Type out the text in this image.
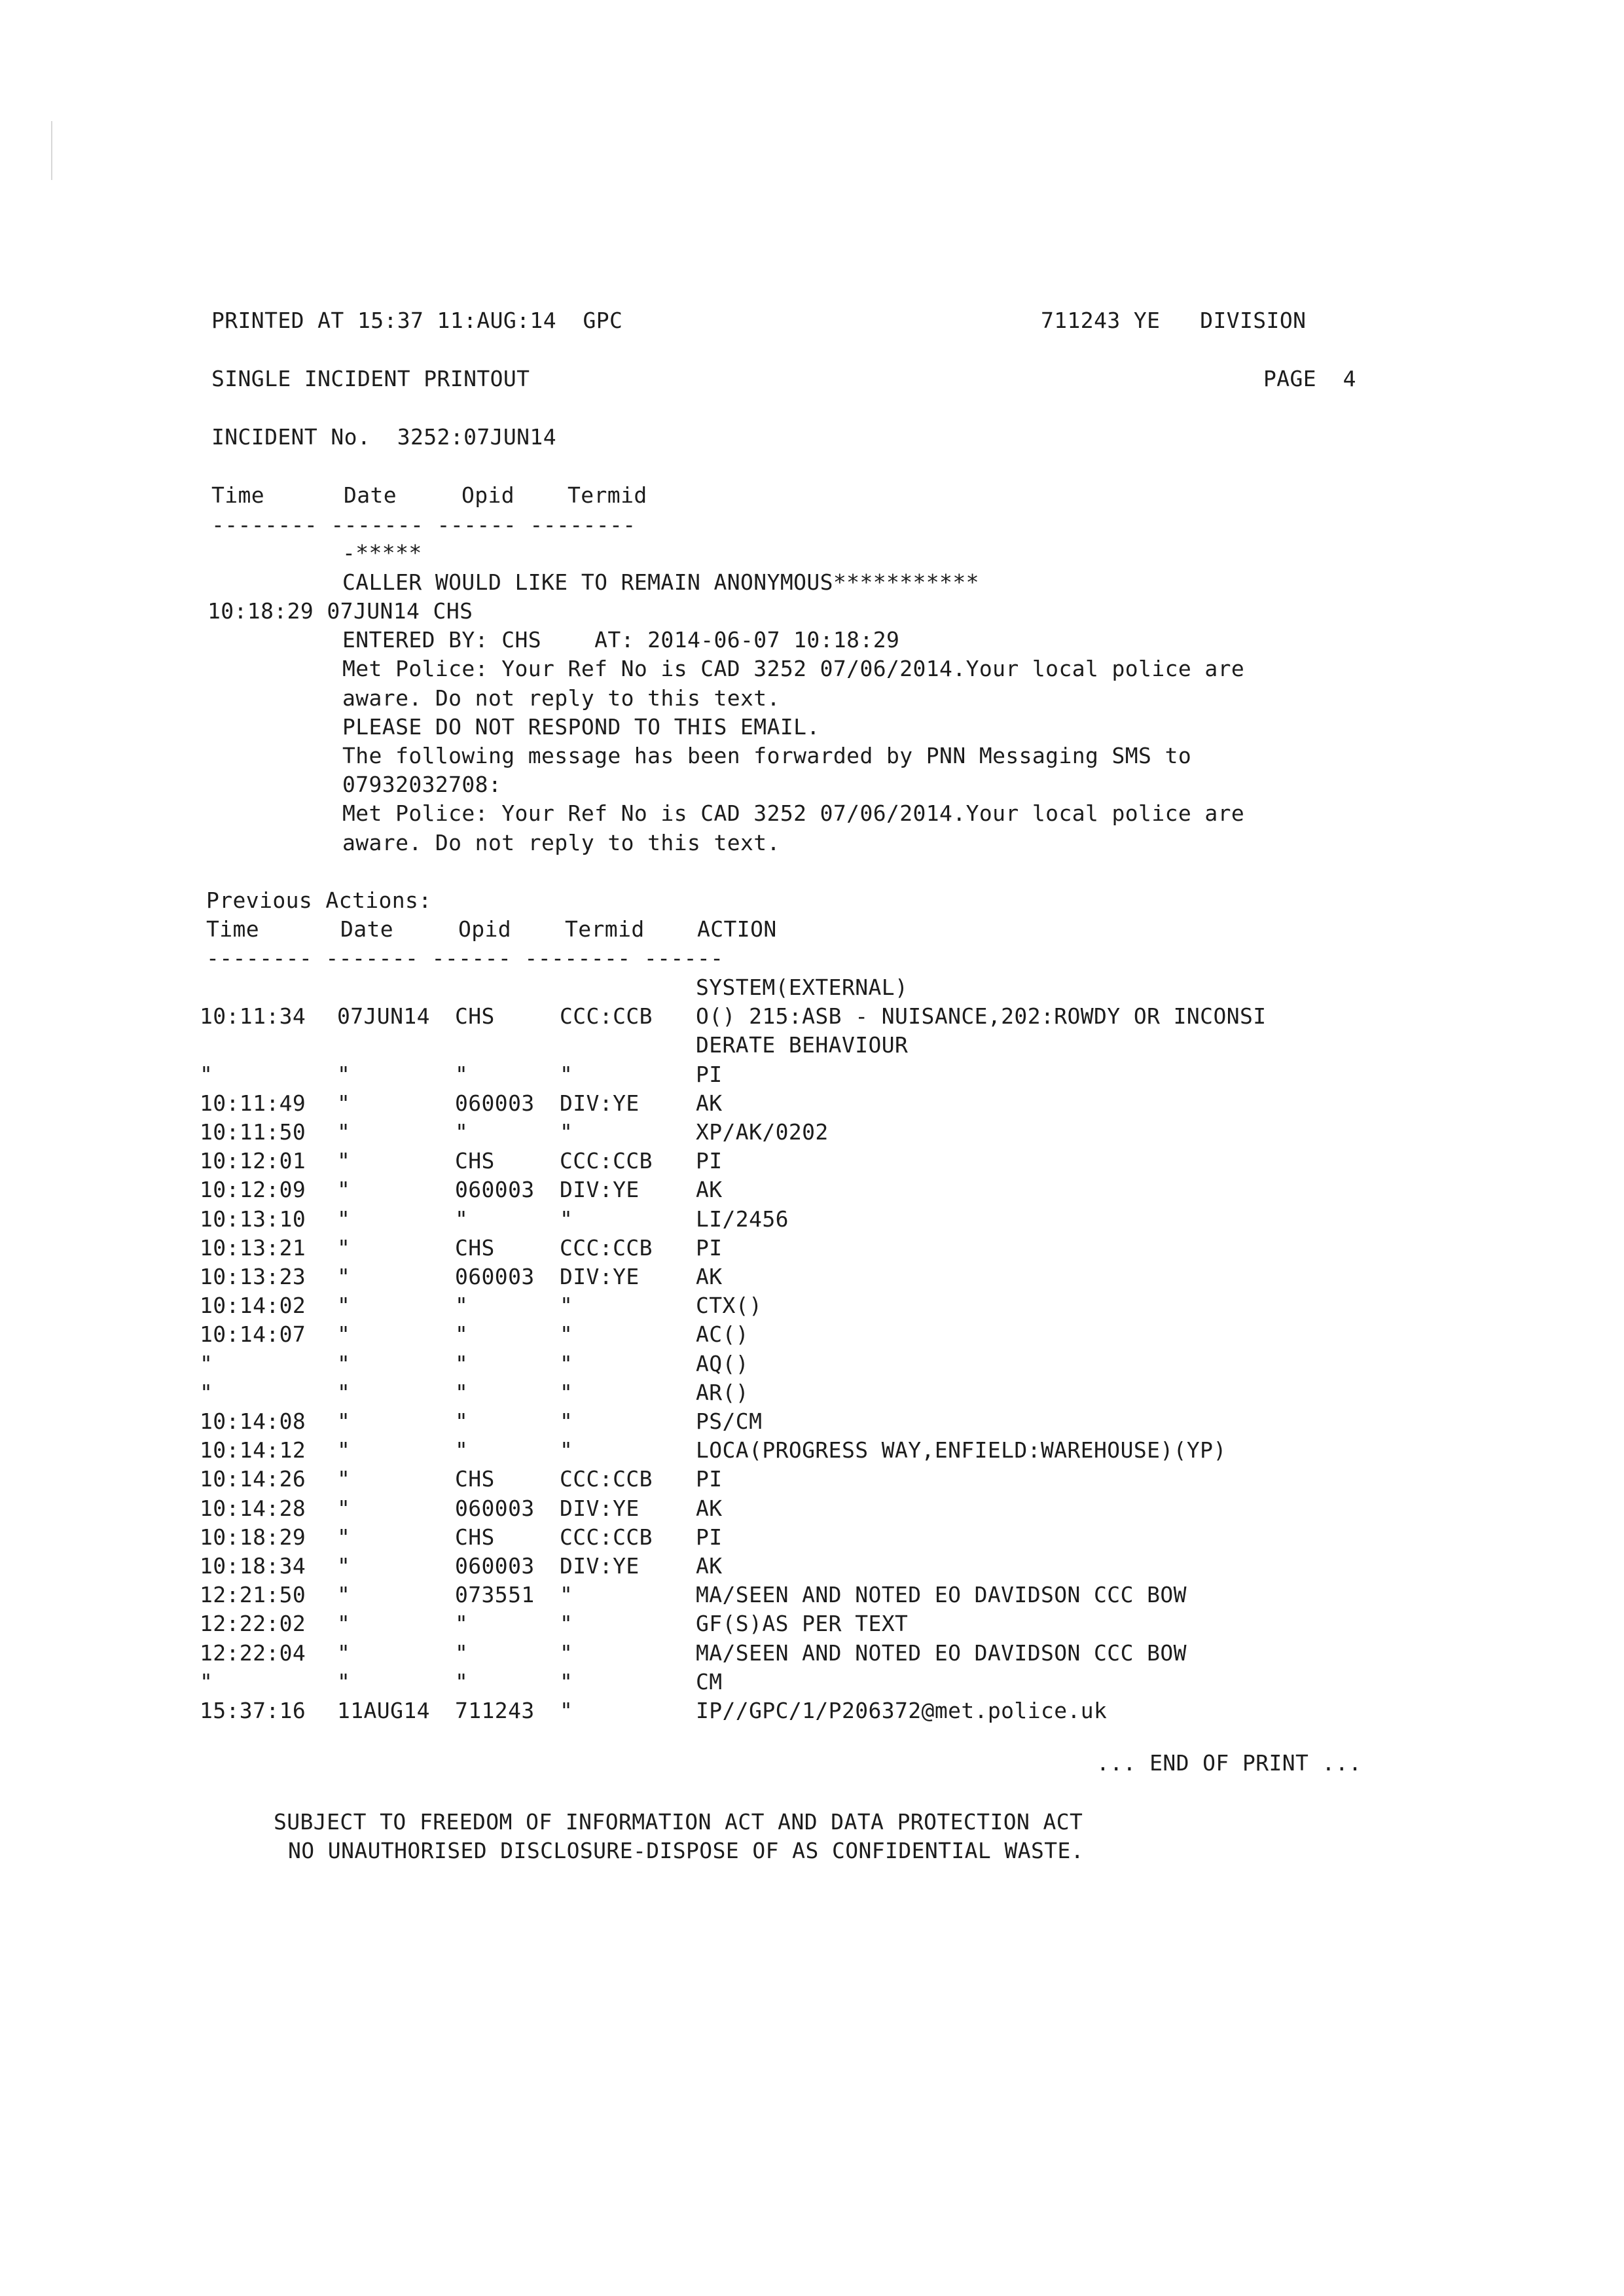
PRINTED AT 15:37 11:AUG:14  GPC	711243 YE   DIVISION
SINGLE INCIDENT PRINTOUT	PAGE  4
INCIDENT No.  3252:07JUN14
Time	Date	Opid Termid
-------- ------- ------ --------
-*****
CALLER WOULD LIKE TO REMAIN ANONYMOUS***********
10:18:29 07JUN14 CHS
ENTERED BY: CHS    AT: 2014-06-07 10:18:29
Met Police: Your Ref No is CAD 3252 07/06/2014.Your local police are
aware. Do not reply to this text.
PLEASE DO NOT RESPOND TO THIS EMAIL.
The following message has been forwarded by PNN Messaging SMS to
07932032708:
Met Police: Your Ref No is CAD 3252 07/06/2014.Your local police are
aware. Do not reply to this text.
Previous Actions:
Time	Date	Opid Termid ACTION
-------- ------- ------ -------- ------
SYSTEM(EXTERNAL)
10:11:34 07JUN14 CHS	CCC:CCB O() 215:ASB - NUISANCE,202:ROWDY OR INCONSI
DERATE BEHAVIOUR
"	"	"	"	PI
10:11:49 "	060003 DIV:YE	AK
10:11:50 "	"	"	XP/AK/0202
10:12:01 "	CHS	CCC:CCB PI
10:12:09 "	060003 DIV:YE	AK
10:13:10 "	"	"	LI/2456
10:13:21 "	CHS	CCC:CCB PI
10:13:23 "	060003 DIV:YE	AK
10:14:02 "	"	"	CTX()
10:14:07 "	"	"	AC()
"	"	"	"	AQ()
"	"	"	"	AR()
10:14:08 "	"	"	PS/CM
10:14:12 "	"	"	LOCA(PROGRESS WAY,ENFIELD:WAREHOUSE)(YP)
10:14:26 "	CHS	CCC:CCB PI
10:14:28 "	060003 DIV:YE	AK
10:18:29 "	CHS	CCC:CCB PI
10:18:34 "	060003 DIV:YE	AK
12:21:50 "	073551 "	MA/SEEN AND NOTED EO DAVIDSON CCC BOW
12:22:02 "	"	"	GF(S)AS PER TEXT
12:22:04 "	"	"	MA/SEEN AND NOTED EO DAVIDSON CCC BOW
"	"	"	"	CM
15:37:16 11AUG14 711243 "	IP//GPC/1/P206372@met.police.uk
... END OF PRINT ...
SUBJECT TO FREEDOM OF INFORMATION ACT AND DATA PROTECTION ACT
NO UNAUTHORISED DISCLOSURE-DISPOSE OF AS CONFIDENTIAL WASTE.
